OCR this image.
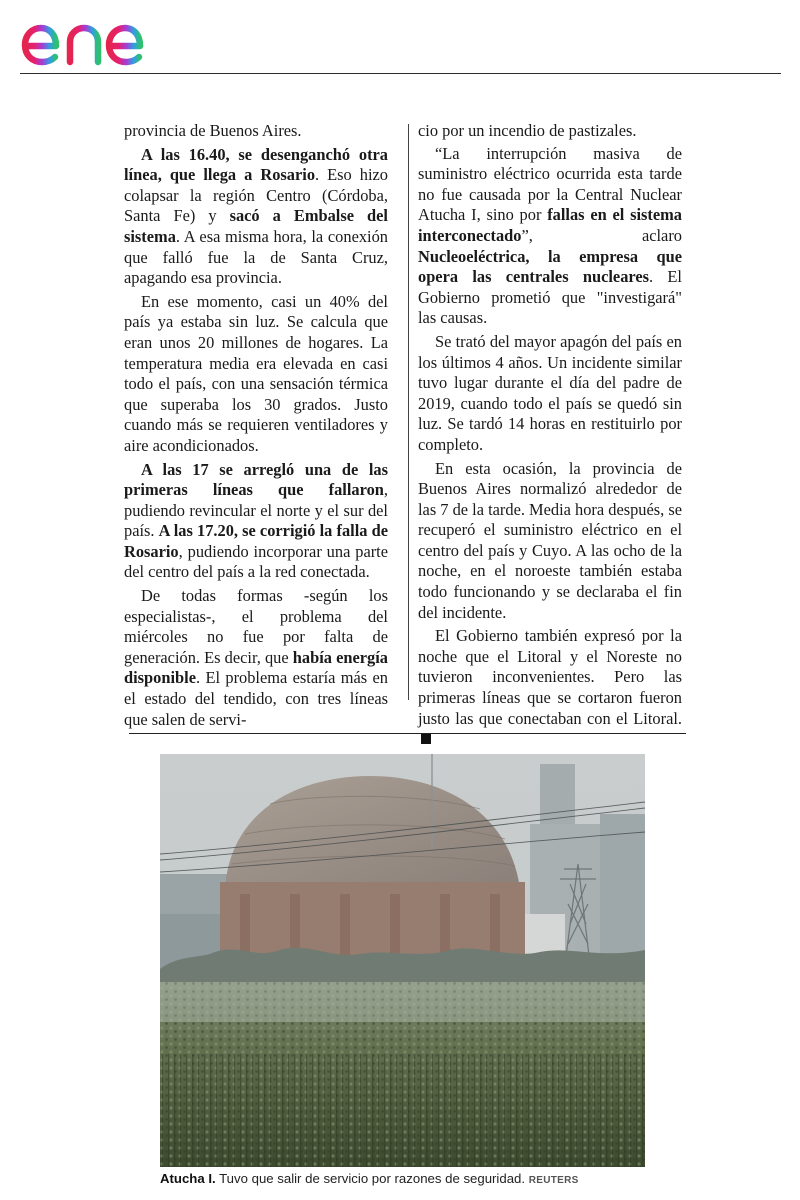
provincia de Buenos Aires.

A las 16.40, se desenganchó otra línea, que llega a Rosario. Eso hizo colapsar la región Centro (Córdoba, Santa Fe) y sacó a Embalse del sistema. A esa misma hora, la conexión que falló fue la de Santa Cruz, apagando esa provincia.

En ese momento, casi un 40% del país ya estaba sin luz. Se calcula que eran unos 20 millones de hogares. La temperatura media era elevada en casi todo el país, con una sensación térmica que superaba los 30 grados. Justo cuando más se requieren ventiladores y aire acondicionados.

A las 17 se arregló una de las primeras líneas que fallaron, pudiendo revincular el norte y el sur del país. A las 17.20, se corrigió la falla de Rosario, pudiendo incorporar una parte del centro del país a la red conectada.

De todas formas -según los especialistas-, el problema del miércoles no fue por falta de generación. Es decir, que había energía disponible. El problema estaría más en el estado del tendido, con tres líneas que salen de servi-

cio por un incendio de pastizales.

“La interrupción masiva de suministro eléctrico ocurrida esta tarde no fue causada por la Central Nuclear Atucha I, sino por fallas en el sistema interconectado”, aclaro Nucleoeléctrica, la empresa que opera las centrales nucleares. El Gobierno prometió que "investigará" las causas.

Se trató del mayor apagón del país en los últimos 4 años. Un incidente similar tuvo lugar durante el día del padre de 2019, cuando todo el país se quedó sin luz. Se tardó 14 horas en restituirlo por completo.

En esta ocasión, la provincia de Buenos Aires normalizó alrededor de las 7 de la tarde. Media hora después, se recuperó el suministro eléctrico en el centro del país y Cuyo. A las ocho de la noche, en el noroeste también estaba todo funcionando y se declaraba el fin del incidente.

El Gobierno también expresó por la noche que el Litoral y el Noreste no tuvieron inconvenientes. Pero las primeras líneas que se cortaron fueron justo las que conectaban con el Litoral.

Atucha I. Tuvo que salir de servicio por razones de seguridad. REUTERS
